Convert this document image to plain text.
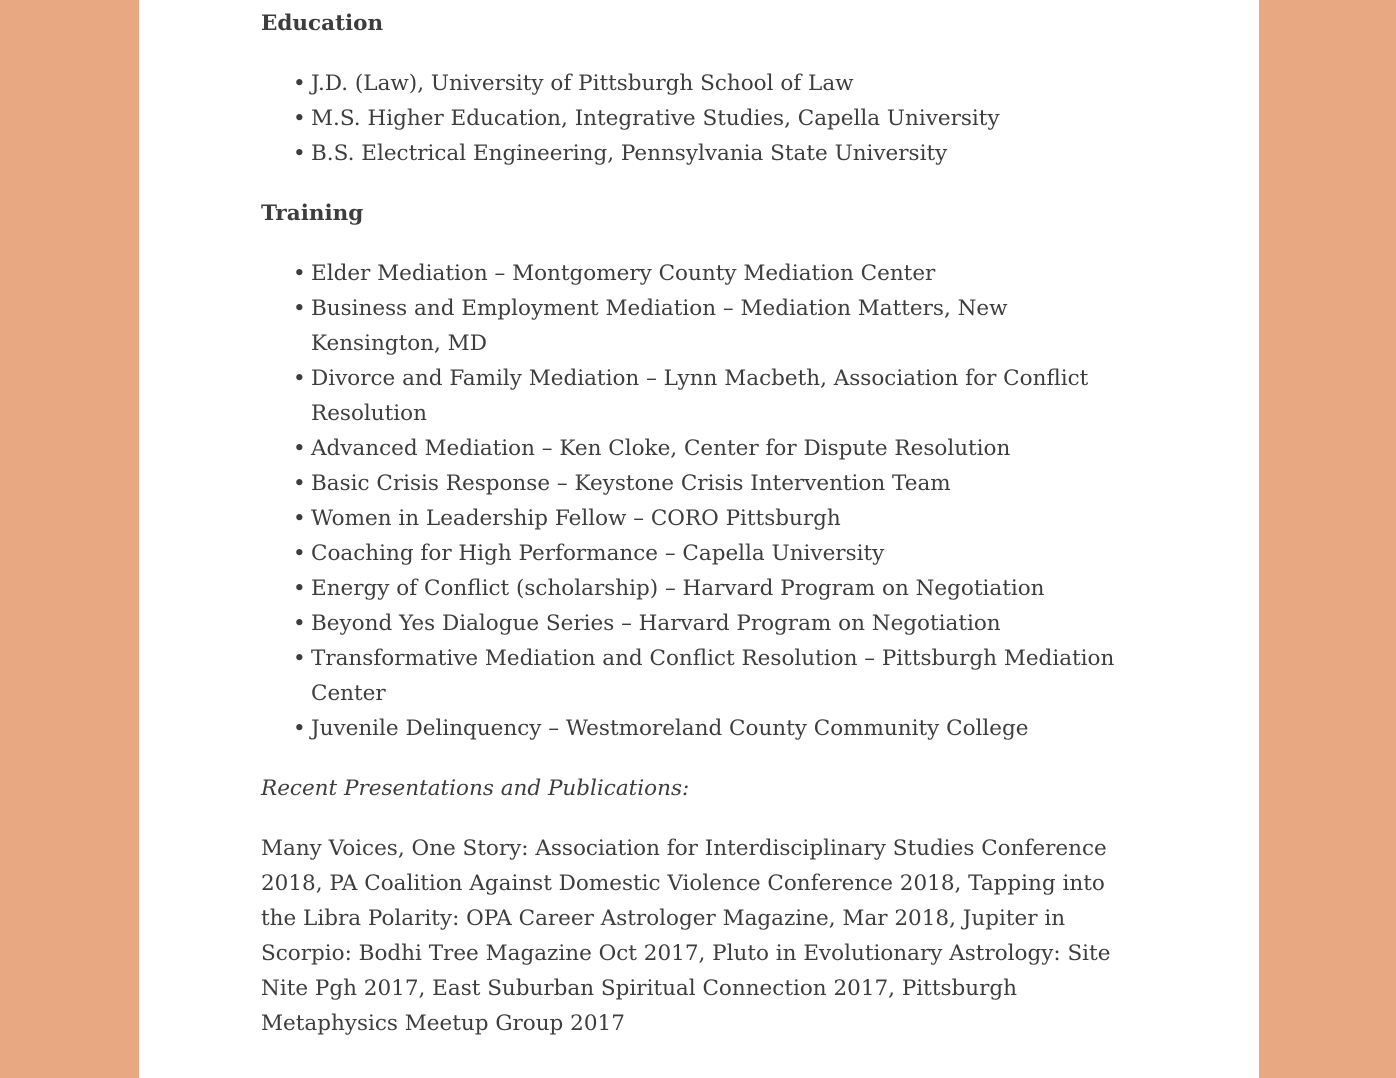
Education
• J.D. (Law), University of Pittsburgh School of Law
• M.S. Higher Education, Integrative Studies, Capella University
• B.S. Electrical Engineering, Pennsylvania State University
Training
• Elder Mediation – Montgomery County Mediation Center
• Business and Employment Mediation – Mediation Matters, New Kensington, MD
• Divorce and Family Mediation – Lynn Macbeth, Association for Conflict Resolution
• Advanced Mediation – Ken Cloke, Center for Dispute Resolution
• Basic Crisis Response – Keystone Crisis Intervention Team
• Women in Leadership Fellow – CORO Pittsburgh
• Coaching for High Performance – Capella University
• Energy of Conflict (scholarship) – Harvard Program on Negotiation
• Beyond Yes Dialogue Series – Harvard Program on Negotiation
• Transformative Mediation and Conflict Resolution – Pittsburgh Mediation Center
• Juvenile Delinquency – Westmoreland County Community College
Recent Presentations and Publications:

Many Voices, One Story: Association for Interdisciplinary Studies Conference 2018, PA Coalition Against Domestic Violence Conference 2018, Tapping into the Libra Polarity: OPA Career Astrologer Magazine, Mar 2018, Jupiter in Scorpio: Bodhi Tree Magazine Oct 2017, Pluto in Evolutionary Astrology: Site Nite Pgh 2017, East Suburban Spiritual Connection 2017, Pittsburgh Metaphysics Meetup Group 2017
